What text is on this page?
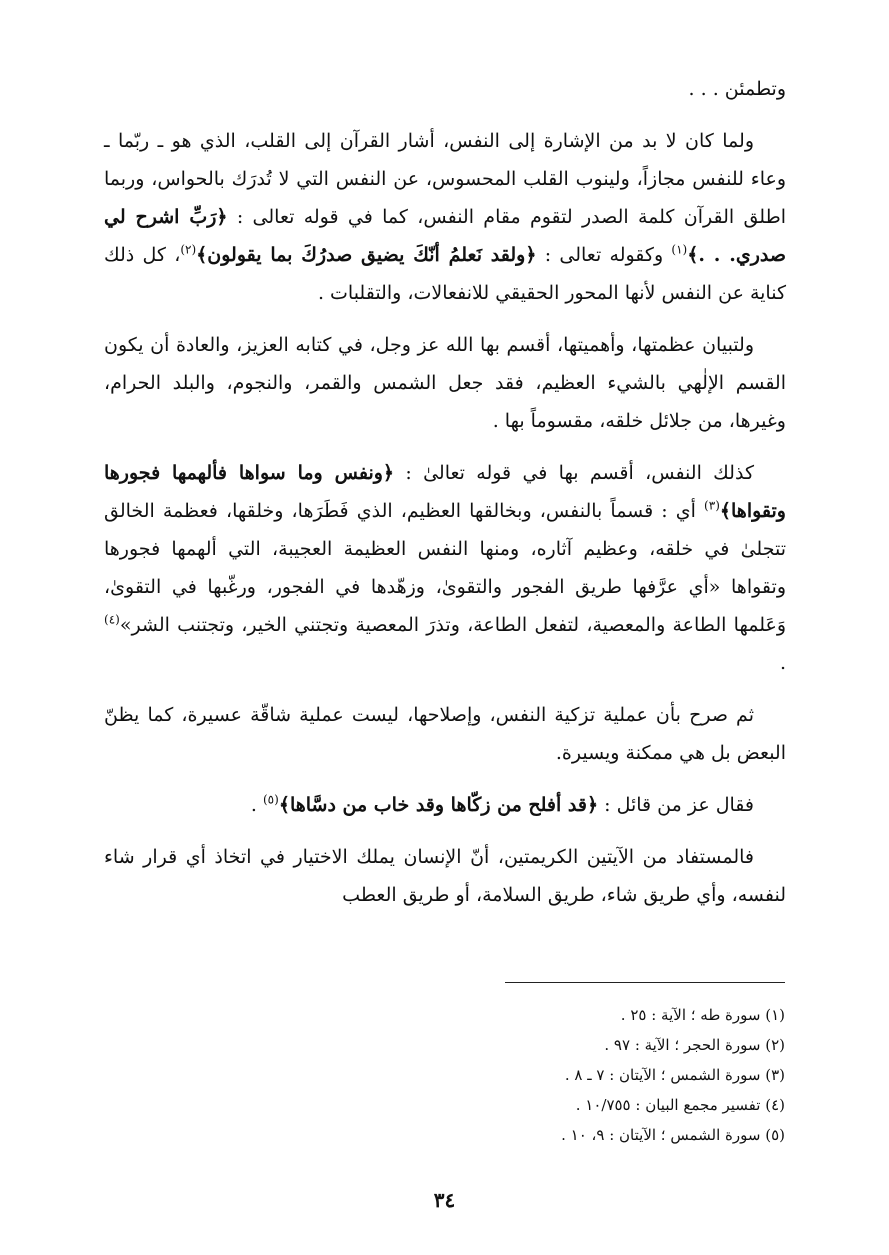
وتطمئن . . .

ولما كان لا بد من الإشارة إلى النفس، أشار القرآن إلى القلب، الذي هو ـ ربّما ـ وعاء للنفس مجازاً، ولينوب القلب المحسوس، عن النفس التي لا تُدرَك بالحواس، وربما اطلق القرآن كلمة الصدر لتقوم مقام النفس، كما في قوله تعالى : ﴿رَبِّ اشرح لي صدري. . .﴾$^{(١)}$ وكقوله تعالى : ﴿ولقد نَعلمُ أنّكَ يضيق صدرُكَ بما يقولون﴾$^{(٢)}$، كل ذلك كناية عن النفس لأنها المحور الحقيقي للانفعالات، والتقلبات .

ولتبيان عظمتها، وأهميتها، أقسم بها الله عز وجل، في كتابه العزيز، والعادة أن يكون القسم الإلٰهي بالشيء العظيم، فقد جعل الشمس والقمر، والنجوم، والبلد الحرام، وغيرها، من جلائل خلقه، مقسوماً بها .

كذلك النفس، أقسم بها في قوله تعالىٰ : ﴿ونفس وما سواها فألهمها فجورها وتقواها﴾$^{(٣)}$ أي : قسماً بالنفس، وبخالقها العظيم، الذي فَطَرَها، وخلقها، فعظمة الخالق تتجلىٰ في خلقه، وعظيم آثاره، ومنها النفس العظيمة العجيبة، التي ألهمها فجورها وتقواها «أي عرَّفها طريق الفجور والتقوىٰ، وزهّدها في الفجور، ورغّبها في التقوىٰ، وَعَلمها الطاعة والمعصية، لتفعل الطاعة، وتذرَ المعصية وتجتني الخير، وتجتنب الشر»$^{(٤)}$ .

ثم صرح بأن عملية تزكية النفس، وإصلاحها، ليست عملية شاقّة عسيرة، كما يظنّ البعض بل هي ممكنة ويسيرة.

فقال عز من قائل : ﴿قد أفلح من زكّاها وقد خاب من دسَّاها﴾$^{(٥)}$ .

فالمستفاد من الآيتين الكريمتين، أنّ الإنسان يملك الاختيار في اتخاذ أي قرار شاء لنفسه، وأي طريق شاء، طريق السلامة، أو طريق العطب

(١) سورة طه ؛ الآية : ٢٥ .

(٢) سورة الحجر ؛ الآية : ٩٧ .

(٣) سورة الشمس ؛ الآيتان : ٧ ـ ٨ .

(٤) تفسير مجمع البيان : ١٠/٧٥٥ .

(٥) سورة الشمس ؛ الآيتان : ٩، ١٠ .

٣٤
